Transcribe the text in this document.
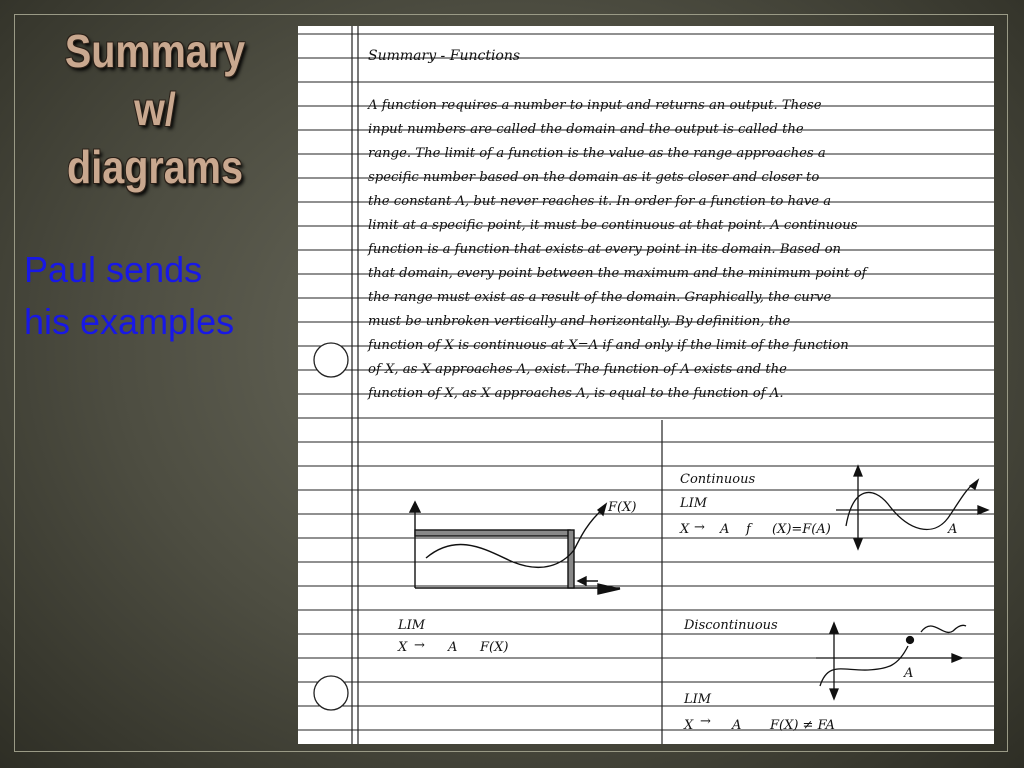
Summary
w/
diagrams
Paul sends
his examples
Summary - Functions
A function requires a number to input and returns an output. These
input numbers are called the domain and the output is called the
range. The limit of a function is the value as the range approaches a
specific number based on the domain as it gets closer and closer to
the constant A, but never reaches it. In order for a function to have a
limit at a specific point, it must be continuous at that point. A continuous
function is a function that exists at every point in its domain. Based on
that domain, every point between the maximum and the minimum point of
the range must exist as a result of the domain. Graphically, the curve
must be unbroken vertically and horizontally. By definition, the
function of X is continuous at X=A if and only if the limit of the function
of X, as X approaches A, exist. The function of A exists and the
function of X, as X approaches A, is equal to the function of A.
F(X)
LIM
X → A F(X)
Continuous
LIM
X → A f (X)=F(A)	A
Discontinuous
A
LIM
X → A F(X) ≠ FA
